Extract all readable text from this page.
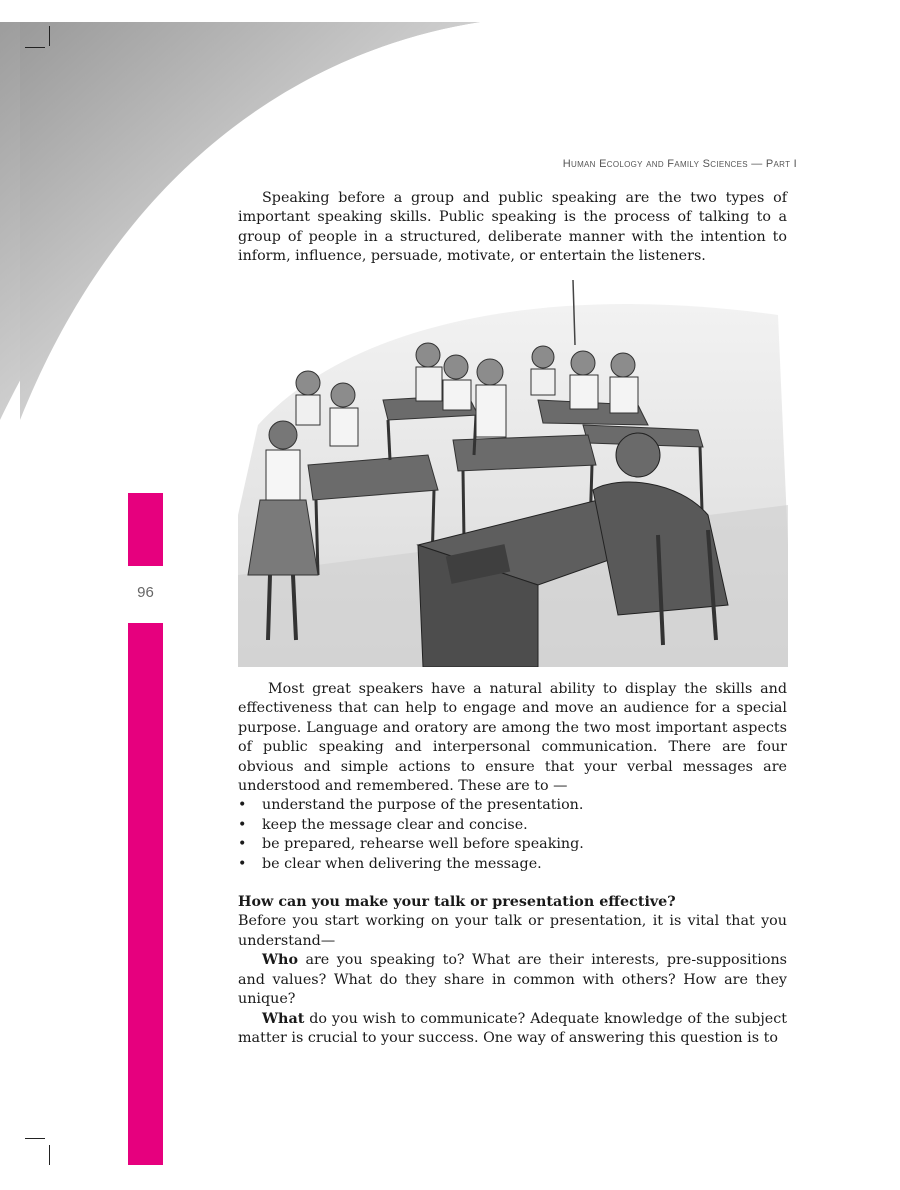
Human Ecology and Family Sciences — Part I
96

Speaking before a group and public speaking are the two types of important speaking skills. Public speaking is the process of talking to a group of people in a structured, deliberate manner with the intention to inform, influence, persuade, motivate, or entertain the listeners.

Most great speakers have a natural ability to display the skills and effectiveness that can help to engage and move an audience for a special purpose. Language and oratory are among the two most important aspects of public speaking and interpersonal communication. There are four obvious and simple actions to ensure that your verbal messages are understood and remembered. These are to —

• understand the purpose of the presentation.
• keep the message clear and concise.
• be prepared, rehearse well before speaking.
• be clear when delivering the message.

How can you make your talk or presentation effective?

Before you start working on your talk or presentation, it is vital that you understand—

Who are you speaking to? What are their interests, pre-suppositions and values? What do they share in common with others? How are they unique?

What do you wish to communicate? Adequate knowledge of the subject matter is crucial to your success. One way of answering this question is to
